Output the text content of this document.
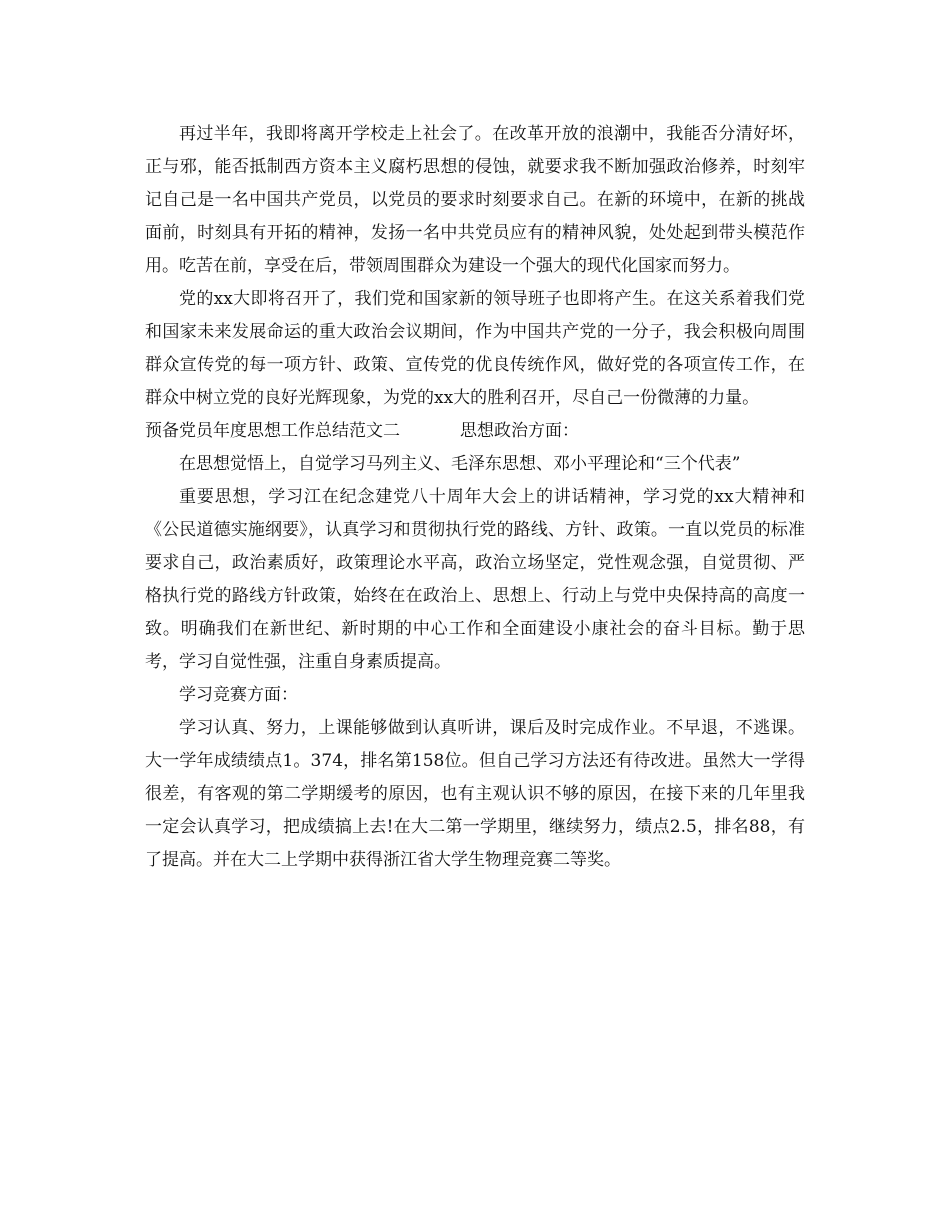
再过半年，我即将离开学校走上社会了。在改革开放的浪潮中，我能否分清好坏，正与邪，能否抵制西方资本主义腐朽思想的侵蚀，就要求我不断加强政治修养，时刻牢记自己是一名中国共产党员，以党员的要求时刻要求自己。在新的环境中，在新的挑战面前，时刻具有开拓的精神，发扬一名中共党员应有的精神风貌，处处起到带头模范作用。吃苦在前，享受在后，带领周围群众为建设一个强大的现代化国家而努力。

党的xx大即将召开了，我们党和国家新的领导班子也即将产生。在这关系着我们党和国家未来发展命运的重大政治会议期间，作为中国共产党的一分子，我会积极向周围群众宣传党的每一项方针、政策、宣传党的优良传统作风，做好党的各项宣传工作，在群众中树立党的良好光辉现象，为党的xx大的胜利召开，尽自己一份微薄的力量。

预备党员年度思想工作总结范文二	思想政治方面：

在思想觉悟上，自觉学习马列主义、毛泽东思想、邓小平理论和“三个代表”

重要思想，学习江在纪念建党八十周年大会上的讲话精神，学习党的xx大精神和《公民道德实施纲要》，认真学习和贯彻执行党的路线、方针、政策。一直以党员的标准要求自己，政治素质好，政策理论水平高，政治立场坚定，党性观念强，自觉贯彻、严格执行党的路线方针政策，始终在在政治上、思想上、行动上与党中央保持高的高度一致。明确我们在新世纪、新时期的中心工作和全面建设小康社会的奋斗目标。勤于思考，学习自觉性强，注重自身素质提高。

学习竞赛方面：

学习认真、努力，上课能够做到认真听讲，课后及时完成作业。不早退，不逃课。大一学年成绩绩点1。374，排名第158位。但自己学习方法还有待改进。虽然大一学得很差，有客观的第二学期缓考的原因，也有主观认识不够的原因，在接下来的几年里我一定会认真学习，把成绩搞上去!在大二第一学期里，继续努力，绩点2.5，排名88，有了提高。并在大二上学期中获得浙江省大学生物理竞赛二等奖。
